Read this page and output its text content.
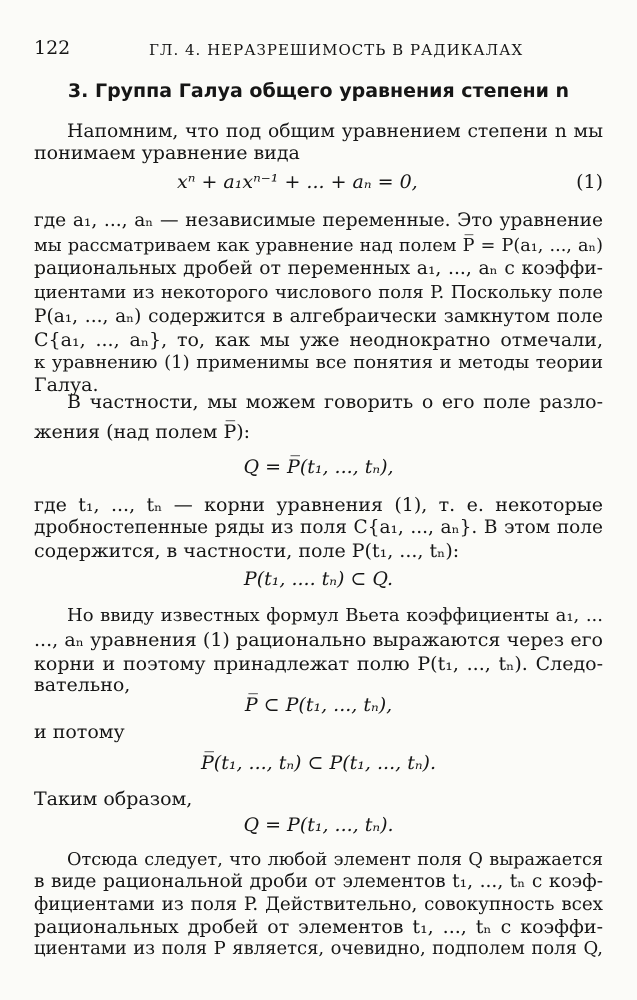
122	ГЛ. 4. НЕРАЗРЕШИМОСТЬ В РАДИКАЛАХ
3. Группа Галуа общего уравнения степени n
Напомним, что под общим уравнением степени n мы
понимаем уравнение вида
xⁿ + a₁xⁿ⁻¹ + ... + aₙ = 0,	(1)
где a₁, ..., aₙ — независимые переменные. Это уравнение
мы рассматриваем как уравнение над полем P̅ = P(a₁, ..., aₙ)
рациональных дробей от переменных a₁, ..., aₙ с коэффи-
циентами из некоторого числового поля P. Поскольку поле
P(a₁, ..., aₙ) содержится в алгебраически замкнутом поле
C{a₁, ..., aₙ}, то, как мы уже неоднократно отмечали,
к уравнению (1) применимы все понятия и методы теории
Галуа.
В частности, мы можем говорить о его поле разло-
жения (над полем P̅):
Q = P̅(t₁, ..., tₙ),
где t₁, ..., tₙ — корни уравнения (1), т. е. некоторые
дробностепенные ряды из поля C{a₁, ..., aₙ}. В этом поле
содержится, в частности, поле P(t₁, ..., tₙ):
P(t₁, .... tₙ) ⊂ Q.
Но ввиду известных формул Вьета коэффициенты a₁, ...
..., aₙ уравнения (1) рационально выражаются через его
корни и поэтому принадлежат полю P(t₁, ..., tₙ). Следо-
вательно,
P̅ ⊂ P(t₁, ..., tₙ),
и потому
P̅(t₁, ..., tₙ) ⊂ P(t₁, ..., tₙ).
Таким образом,
Q = P(t₁, ..., tₙ).
Отсюда следует, что любой элемент поля Q выражается
в виде рациональной дроби от элементов t₁, ..., tₙ с коэф-
фициентами из поля P. Действительно, совокупность всех
рациональных дробей от элементов t₁, ..., tₙ с коэффи-
циентами из поля P является, очевидно, подполем поля Q,
